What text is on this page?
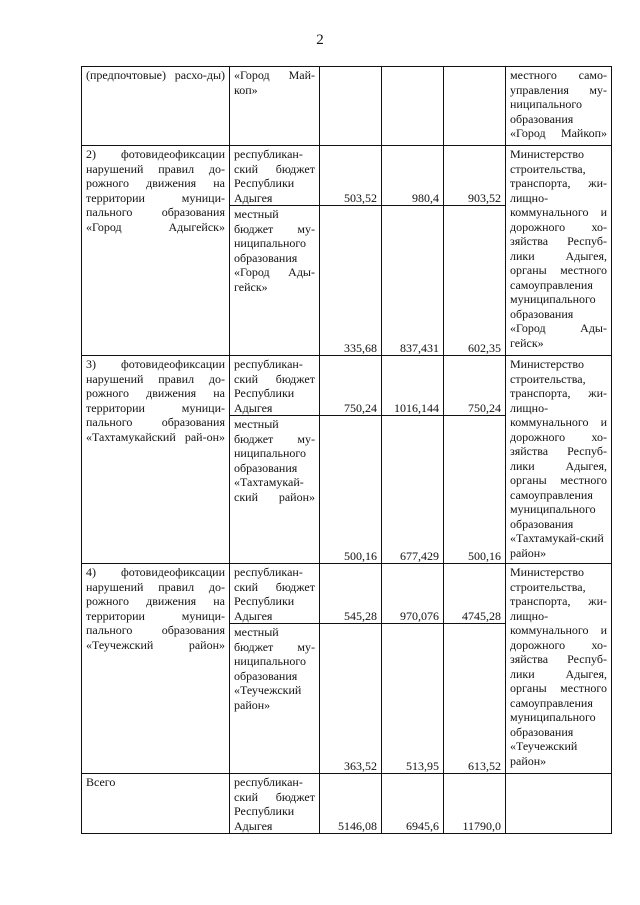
2
(предпочтовые) расхо-ды)	«Город Май-коп»				местного само-управления му-ниципального образования «Город Майкоп»
2) фотовидеофиксации нарушений правил до-рожного движения на территории муници-пального образования «Город Адыгейск»	республикан-ский бюджет Республики Адыгея	503,52	980,4	903,52	Министерство строительства, транспорта, жи-лищно-коммунального и дорожного хо-зяйства Респуб-лики Адыгея, органы местного самоуправления муниципального образования «Город Ады-гейск»
	местный бюджет му-ниципального образования «Город Ады-гейск»	335,68	837,431	602,35	
3) фотовидеофиксации нарушений правил до-рожного движения на территории муници-пального образования «Тахтамукайский рай-он»	республикан-ский бюджет Республики Адыгея	750,24	1016,144	750,24	Министерство строительства, транспорта, жи-лищно-коммунального и дорожного хо-зяйства Респуб-лики Адыгея, органы местного самоуправления муниципального образования «Тахтамукай-ский район»
	местный бюджет му-ниципального образования «Тахтамукай-ский район»	500,16	677,429	500,16	
4) фотовидеофиксации нарушений правил до-рожного движения на территории муници-пального образования «Теучежский район»	республикан-ский бюджет Республики Адыгея	545,28	970,076	4745,28	Министерство строительства, транспорта, жи-лищно-коммунального и дорожного хо-зяйства Респуб-лики Адыгея, органы местного самоуправления муниципального образования «Теучежский район»
	местный бюджет му-ниципального образования «Теучежский район»	363,52	513,95	613,52	
Всего	республикан-ский бюджет Республики Адыгея	5146,08	6945,6	11790,0	
